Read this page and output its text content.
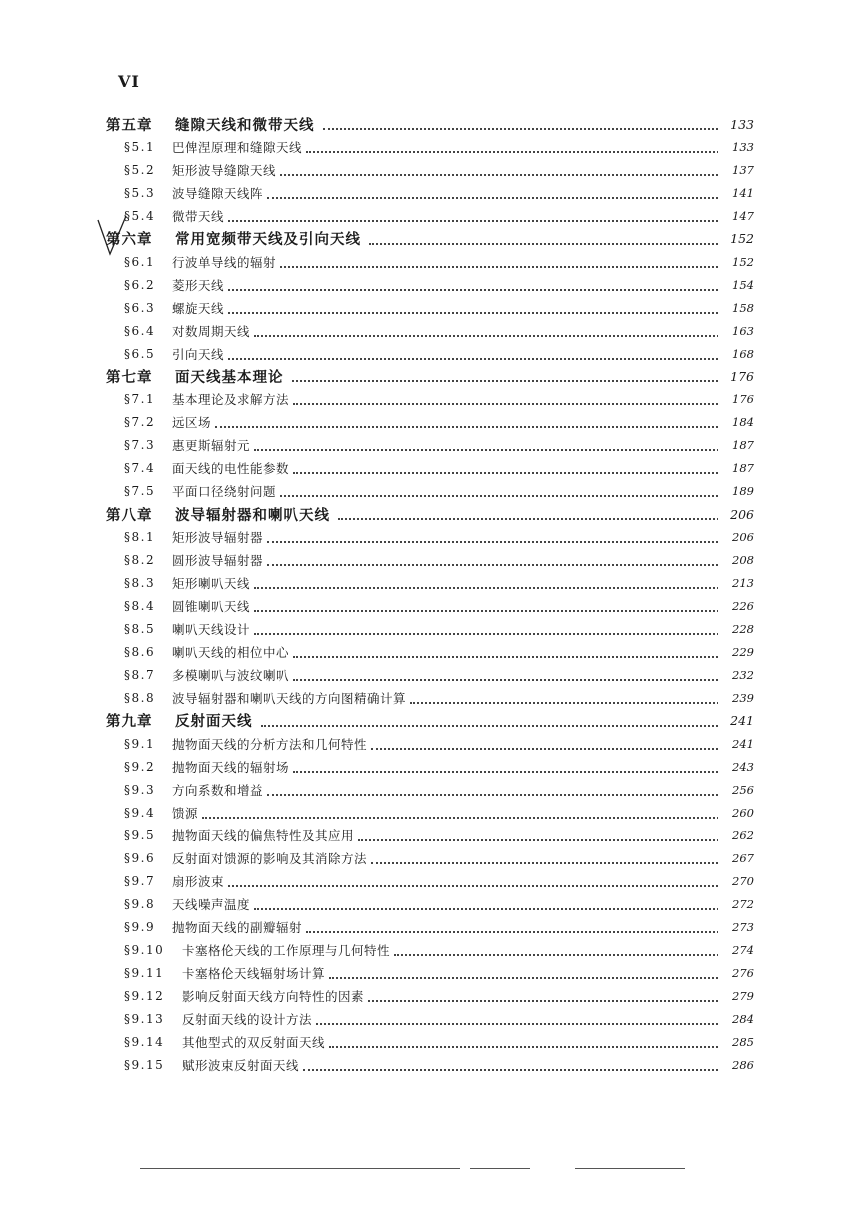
VI
第五章 缝隙天线和微带天线	133
§5.1 巴俾涅原理和缝隙天线	133
§5.2 矩形波导缝隙天线	137
§5.3 波导缝隙天线阵	141
§5.4 微带天线	147
第六章 常用宽频带天线及引向天线	152
§6.1 行波单导线的辐射	152
§6.2 菱形天线	154
§6.3 螺旋天线	158
§6.4 对数周期天线	163
§6.5 引向天线	168
第七章 面天线基本理论	176
§7.1 基本理论及求解方法	176
§7.2 远区场	184
§7.3 惠更斯辐射元	187
§7.4 面天线的电性能参数	187
§7.5 平面口径绕射问题	189
第八章 波导辐射器和喇叭天线	206
§8.1 矩形波导辐射器	206
§8.2 圆形波导辐射器	208
§8.3 矩形喇叭天线	213
§8.4 圆锥喇叭天线	226
§8.5 喇叭天线设计	228
§8.6 喇叭天线的相位中心	229
§8.7 多模喇叭与波纹喇叭	232
§8.8 波导辐射器和喇叭天线的方向图精确计算	239
第九章 反射面天线	241
§9.1 抛物面天线的分析方法和几何特性	241
§9.2 抛物面天线的辐射场	243
§9.3 方向系数和增益	256
§9.4 馈源	260
§9.5 抛物面天线的偏焦特性及其应用	262
§9.6 反射面对馈源的影响及其消除方法	267
§9.7 扇形波束	270
§9.8 天线噪声温度	272
§9.9 抛物面天线的副瓣辐射	273
§9.10 卡塞格伦天线的工作原理与几何特性	274
§9.11 卡塞格伦天线辐射场计算	276
§9.12 影响反射面天线方向特性的因素	279
§9.13 反射面天线的设计方法	284
§9.14 其他型式的双反射面天线	285
§9.15 赋形波束反射面天线	286
